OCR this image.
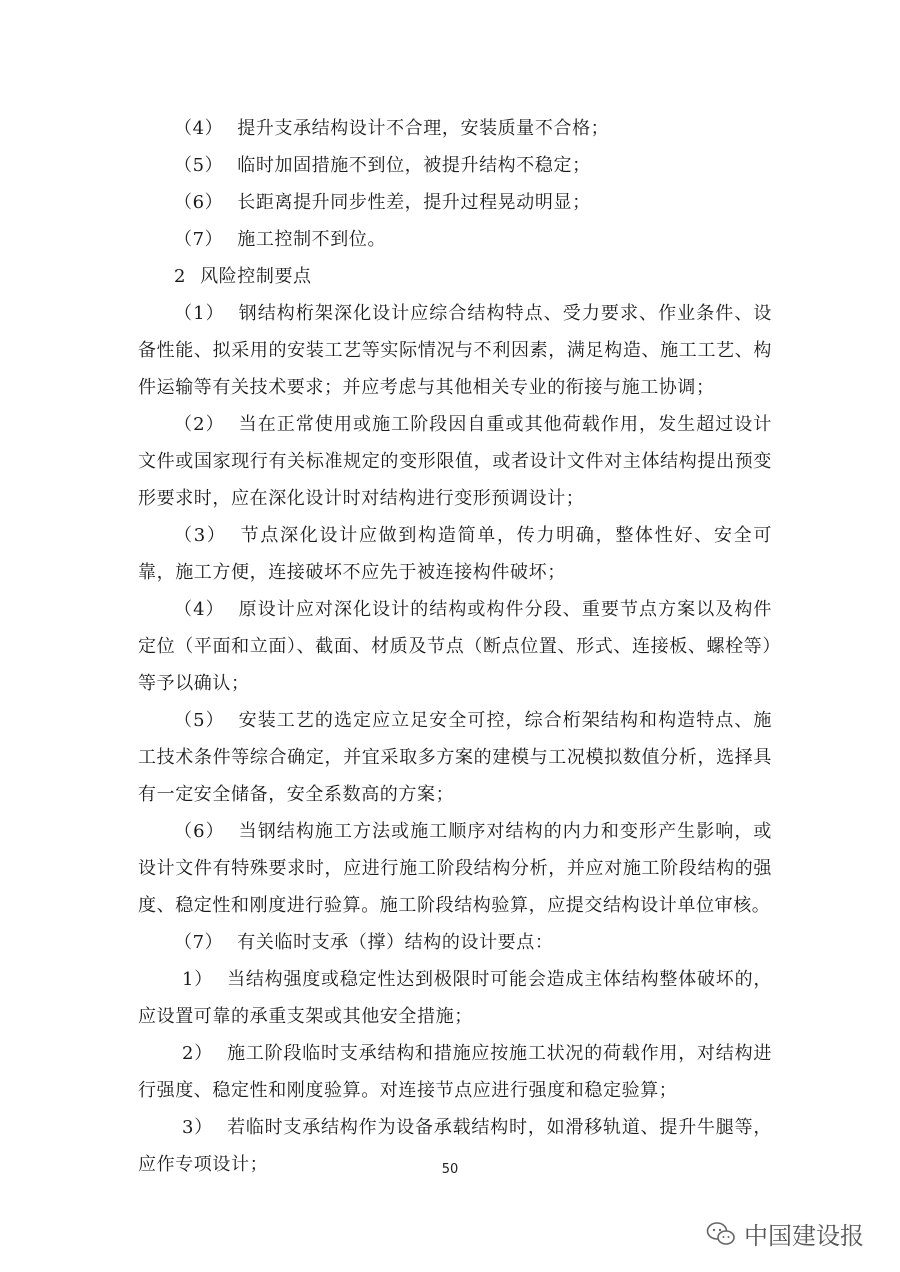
（4） 提升支承结构设计不合理，安装质量不合格；

（5） 临时加固措施不到位，被提升结构不稳定；

（6） 长距离提升同步性差，提升过程晃动明显；

（7） 施工控制不到位。

2 风险控制要点

（1） 钢结构桁架深化设计应综合结构特点、受力要求、作业条件、设备性能、拟采用的安装工艺等实际情况与不利因素，满足构造、施工工艺、构件运输等有关技术要求；并应考虑与其他相关专业的衔接与施工协调；

（2） 当在正常使用或施工阶段因自重或其他荷载作用，发生超过设计文件或国家现行有关标准规定的变形限值，或者设计文件对主体结构提出预变形要求时，应在深化设计时对结构进行变形预调设计；

（3） 节点深化设计应做到构造简单，传力明确，整体性好、安全可靠，施工方便，连接破坏不应先于被连接构件破坏；

（4） 原设计应对深化设计的结构或构件分段、重要节点方案以及构件定位（平面和立面）、截面、材质及节点（断点位置、形式、连接板、螺栓等）等予以确认；

（5） 安装工艺的选定应立足安全可控，综合桁架结构和构造特点、施工技术条件等综合确定，并宜采取多方案的建模与工况模拟数值分析，选择具有一定安全储备，安全系数高的方案；

（6） 当钢结构施工方法或施工顺序对结构的内力和变形产生影响，或设计文件有特殊要求时，应进行施工阶段结构分析，并应对施工阶段结构的强度、稳定性和刚度进行验算。施工阶段结构验算，应提交结构设计单位审核。

（7） 有关临时支承（撑）结构的设计要点：

1） 当结构强度或稳定性达到极限时可能会造成主体结构整体破坏的，应设置可靠的承重支架或其他安全措施；

2） 施工阶段临时支承结构和措施应按施工状况的荷载作用，对结构进行强度、稳定性和刚度验算。对连接节点应进行强度和稳定验算；

3） 若临时支承结构作为设备承载结构时，如滑移轨道、提升牛腿等，应作专项设计；	50
中国建设报
